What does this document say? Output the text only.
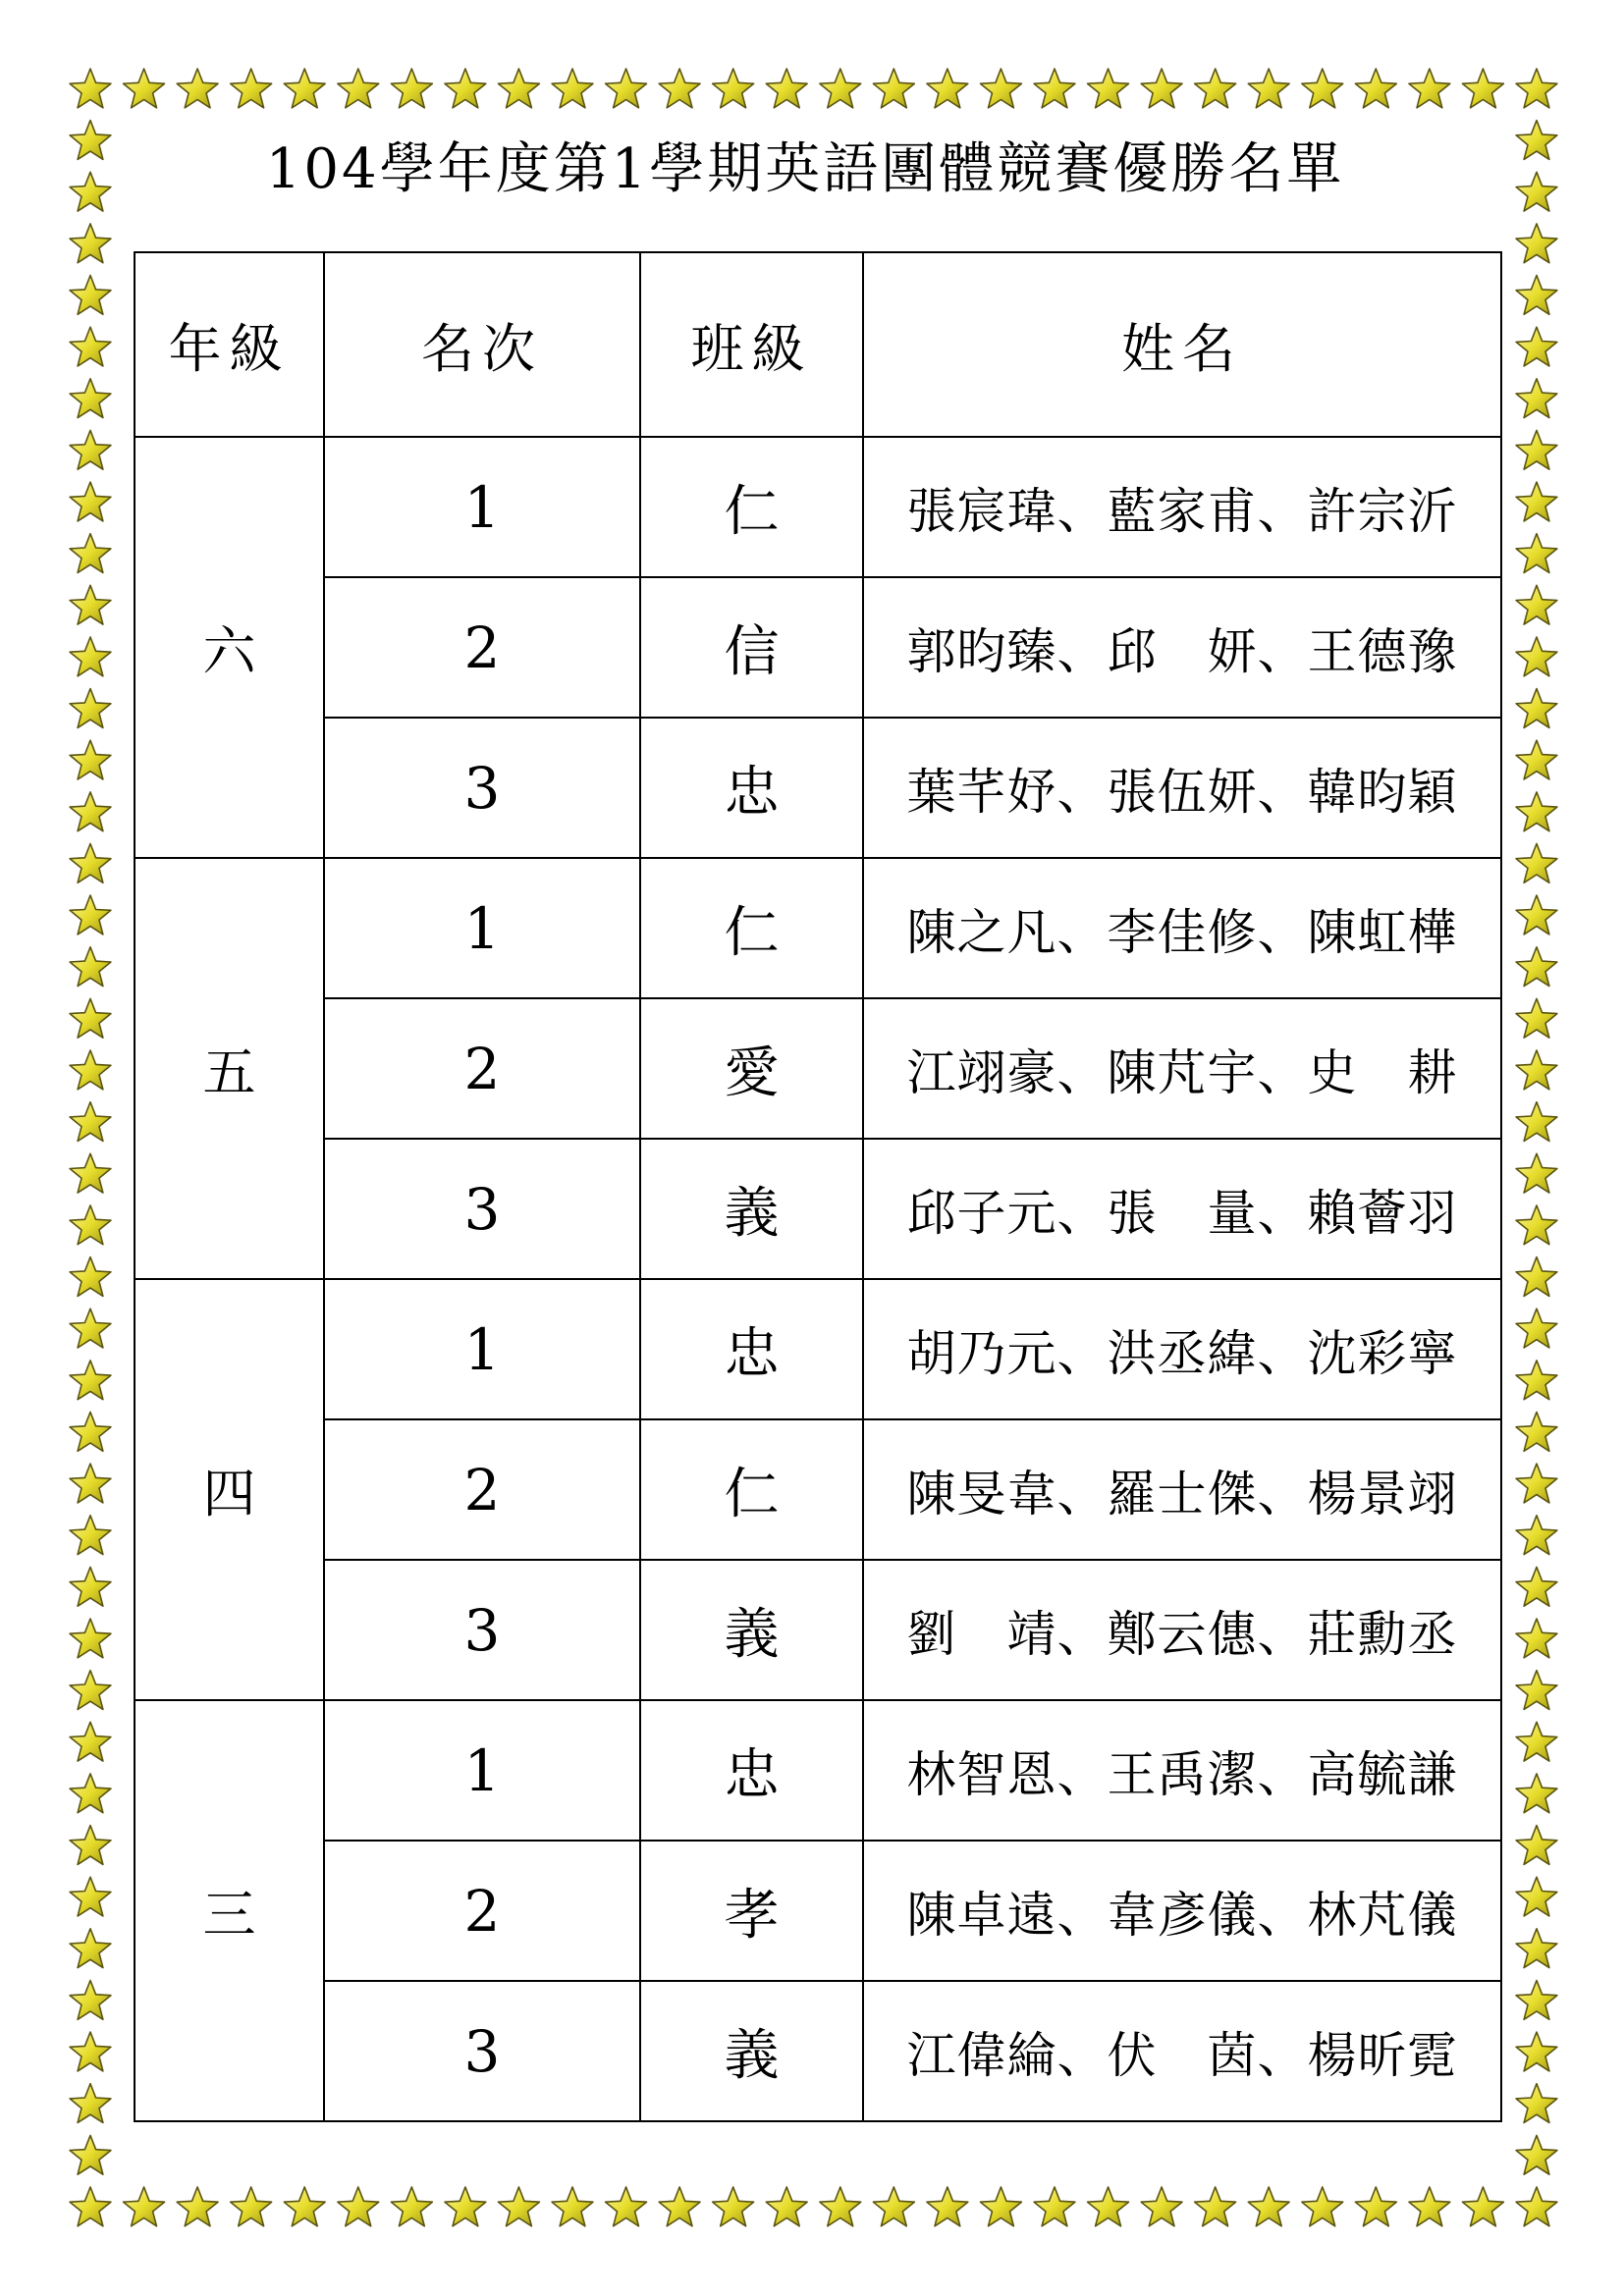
104學年度第1學期英語團體競賽優勝名單
年級	名次	班級	姓名
六	1	仁	張宸瑋、藍家甫、許宗沂
	2	信	郭昀臻、邱　妍、王德豫
	3	忠	葉芊妤、張伍妍、韓昀穎
五	1	仁	陳之凡、李佳修、陳虹樺
	2	愛	江翊豪、陳芃宇、史　耕
	3	義	邱子元、張　量、賴薈羽
四	1	忠	胡乃元、洪丞緯、沈彩寧
	2	仁	陳旻韋、羅士傑、楊景翊
	3	義	劉　靖、鄭云僡、莊勳丞
三	1	忠	林智恩、王禹潔、高毓謙
	2	孝	陳卓遠、韋彥儀、林芃儀
	3	義	江偉綸、伏　茵、楊昕霓
